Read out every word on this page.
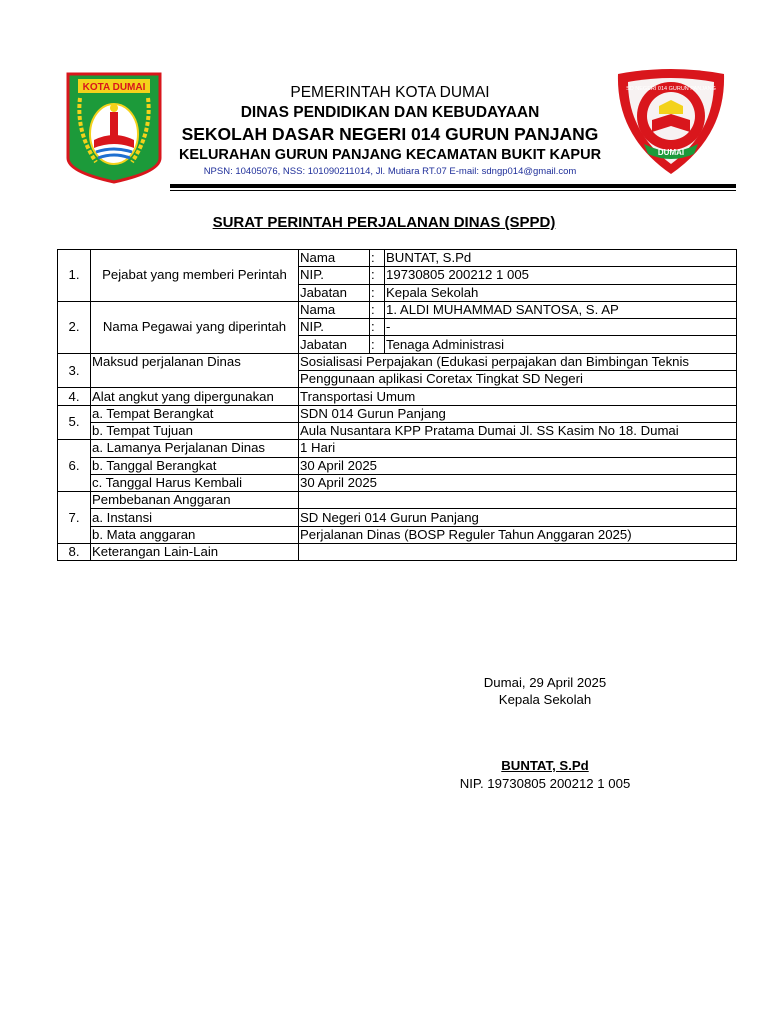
KOTA DUMAI
DUMAI
SD NEGERI 014 GURUN PANJANG
PEMERINTAH KOTA DUMAI
DINAS PENDIDIKAN DAN KEBUDAYAAN
SEKOLAH DASAR NEGERI 014 GURUN PANJANG
KELURAHAN GURUN PANJANG KECAMATAN BUKIT KAPUR
NPSN: 10405076, NSS: 101090211014, Jl. Mutiara RT.07 E-mail: sdngp014@gmail.com
SURAT PERINTAH PERJALANAN DINAS (SPPD)
1.	Pejabat yang memberi Perintah	Nama	:	BUNTAT, S.Pd
		NIP.	:	19730805 200212 1 005
		Jabatan	:	Kepala Sekolah
2.	Nama Pegawai yang diperintah	Nama	:	1. ALDI MUHAMMAD SANTOSA, S. AP
		NIP.	:	-
		Jabatan	:	Tenaga Administrasi
3.	Maksud perjalanan Dinas	Sosialisasi Perpajakan (Edukasi perpajakan dan Bimbingan Teknis		
		Penggunaan aplikasi Coretax Tingkat SD Negeri		
4.	Alat angkut yang dipergunakan	Transportasi Umum		
5.	a. Tempat Berangkat	SDN 014 Gurun Panjang		
	b. Tempat Tujuan	Aula Nusantara KPP Pratama Dumai Jl. SS Kasim No 18. Dumai		
6.	a. Lamanya Perjalanan Dinas	1 Hari		
	b. Tanggal Berangkat	30 April 2025		
	c. Tanggal Harus Kembali	30 April 2025		
7.	Pembebanan Anggaran			
	a. Instansi	SD Negeri 014 Gurun Panjang		
	b. Mata anggaran	Perjalanan Dinas (BOSP Reguler Tahun Anggaran 2025)		
8.	Keterangan Lain-Lain			
Dumai, 29 April 2025
Kepala Sekolah
BUNTAT, S.Pd
NIP. 19730805 200212 1 005
